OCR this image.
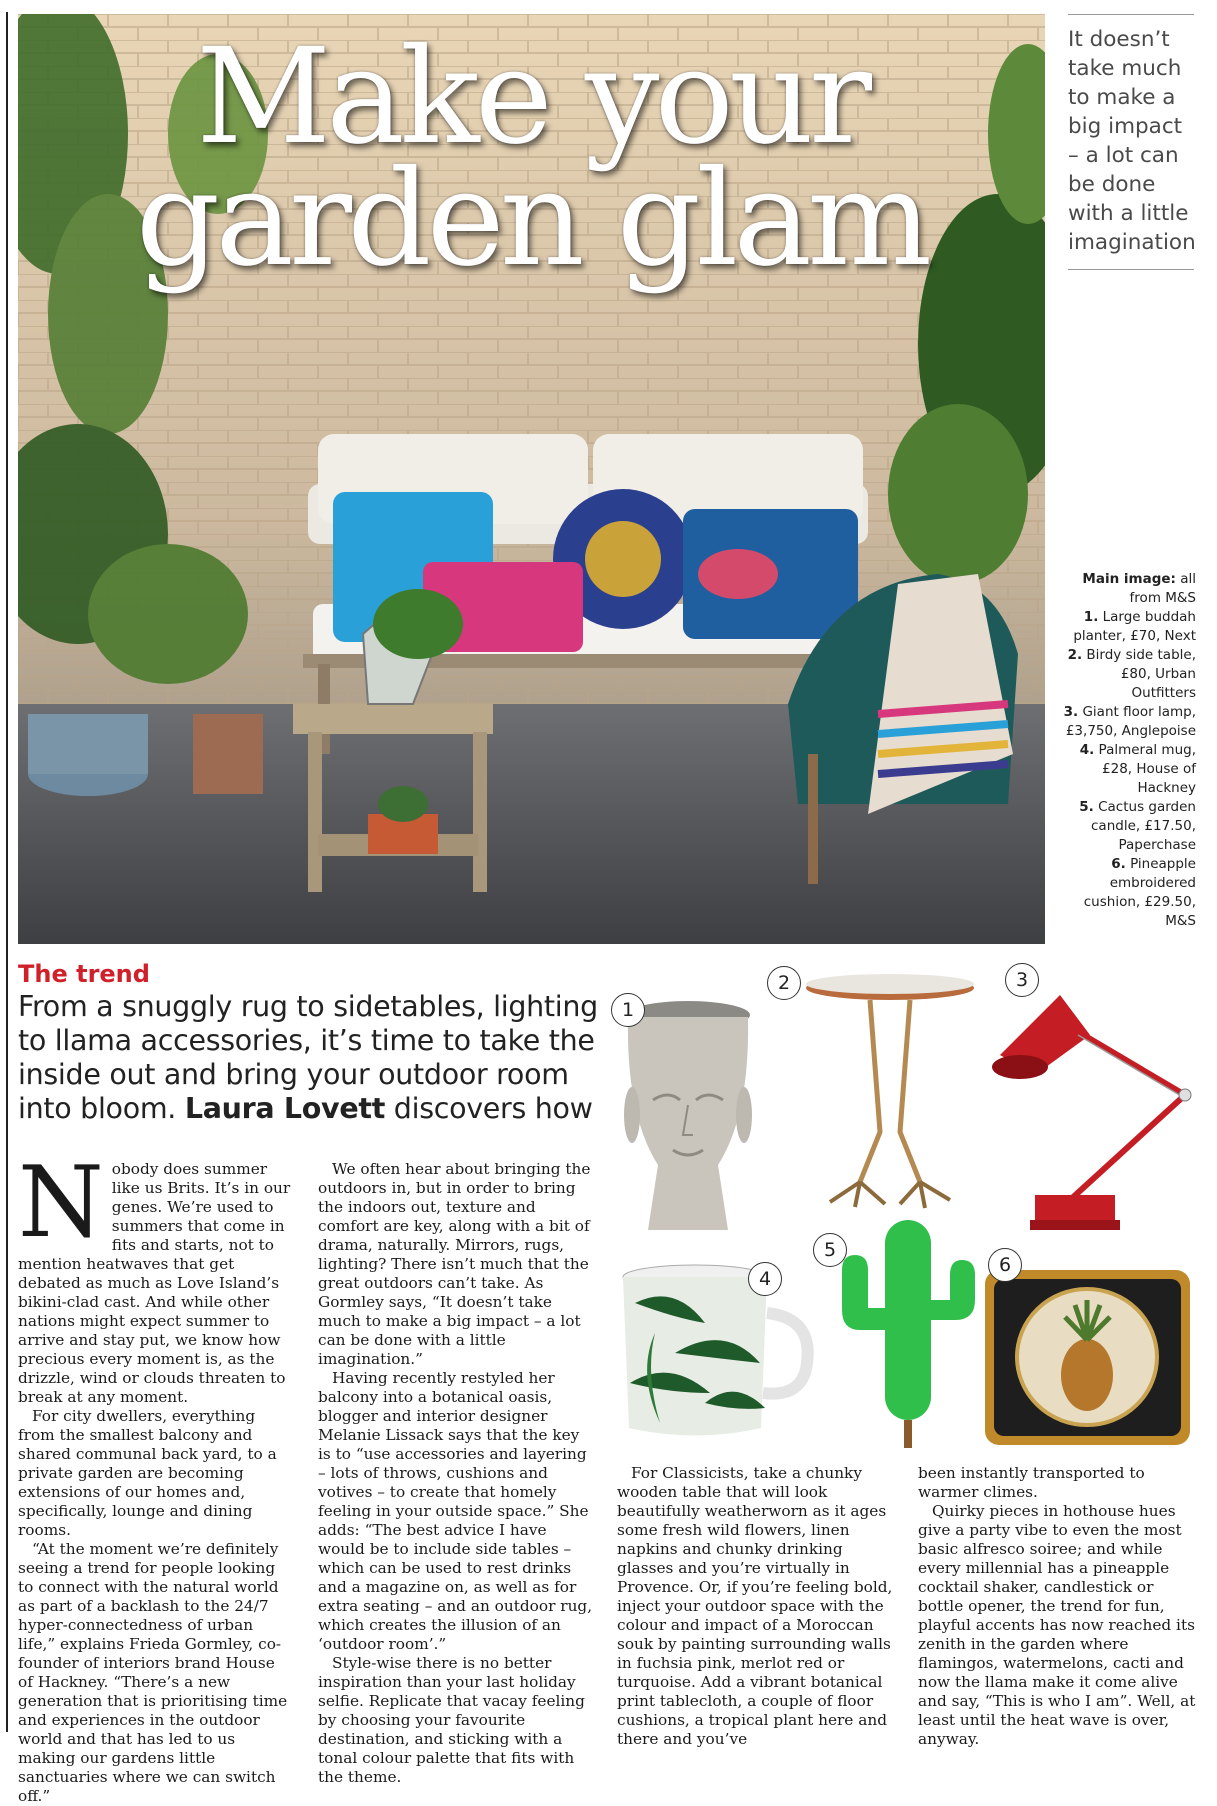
Make your
garden glam
It doesn’t take much to make a big impact – a lot can be done with a little imagination
Main image: all from M&S
1. Large buddah planter, £70, Next
2. Birdy side table, £80, Urban Outfitters
3. Giant floor lamp, £3,750, Anglepoise
4. Palmeral mug, £28, House of Hackney
5. Cactus garden candle, £17.50, Paperchase
6. Pineapple embroidered cushion, £29.50, M&S
The trend
From a snuggly rug to sidetables, lighting to llama accessories, it’s time to take the inside out and bring your outdoor room into bloom. Laura Lovett discovers how
1
2	3
4
5
6
N obody does summer like us Brits. It’s in our genes. We’re used to summers that come in fits and starts, not to mention heatwaves that get debated as much as Love Island’s bikini-clad cast. And while other nations might expect summer to arrive and stay put, we know how precious every moment is, as the drizzle, wind or clouds threaten to break at any moment.

For city dwellers, everything from the smallest balcony and shared communal back yard, to a private garden are becoming extensions of our homes and, specifically, lounge and dining rooms.

“At the moment we’re definitely seeing a trend for people looking to connect with the natural world as part of a backlash to the 24/7 hyper-connectedness of urban life,” explains Frieda Gormley, co-founder of interiors brand House of Hackney. “There’s a new generation that is prioritising time and experiences in the outdoor world and that has led to us making our gardens little sanctuaries where we can switch off.”

We often hear about bringing the outdoors in, but in order to bring the indoors out, texture and comfort are key, along with a bit of drama, naturally. Mirrors, rugs, lighting? There isn’t much that the great outdoors can’t take. As Gormley says, “It doesn’t take much to make a big impact – a lot can be done with a little imagination.”

Having recently restyled her balcony into a botanical oasis, blogger and interior designer Melanie Lissack says that the key is to “use accessories and layering – lots of throws, cushions and votives – to create that homely feeling in your outside space.” She adds: “The best advice I have would be to include side tables – which can be used to rest drinks and a magazine on, as well as for extra seating – and an outdoor rug, which creates the illusion of an ‘outdoor room’.”

Style-wise there is no better inspiration than your last holiday selfie. Replicate that vacay feeling by choosing your favourite destination, and sticking with a tonal colour palette that fits with the theme.

For Classicists, take a chunky wooden table that will look beautifully weatherworn as it ages some fresh wild flowers, linen napkins and chunky drinking glasses and you’re virtually in Provence. Or, if you’re feeling bold, inject your outdoor space with the colour and impact of a Moroccan souk by painting surrounding walls in fuchsia pink, merlot red or turquoise. Add a vibrant botanical print tablecloth, a couple of floor cushions, a tropical plant here and there and you’ve

been instantly transported to warmer climes.

Quirky pieces in hothouse hues give a party vibe to even the most basic alfresco soiree; and while every millennial has a pineapple cocktail shaker, candlestick or bottle opener, the trend for fun, playful accents has now reached its zenith in the garden where flamingos, watermelons, cacti and now the llama make it come alive and say, “This is who I am”. Well, at least until the heat wave is over, anyway.
